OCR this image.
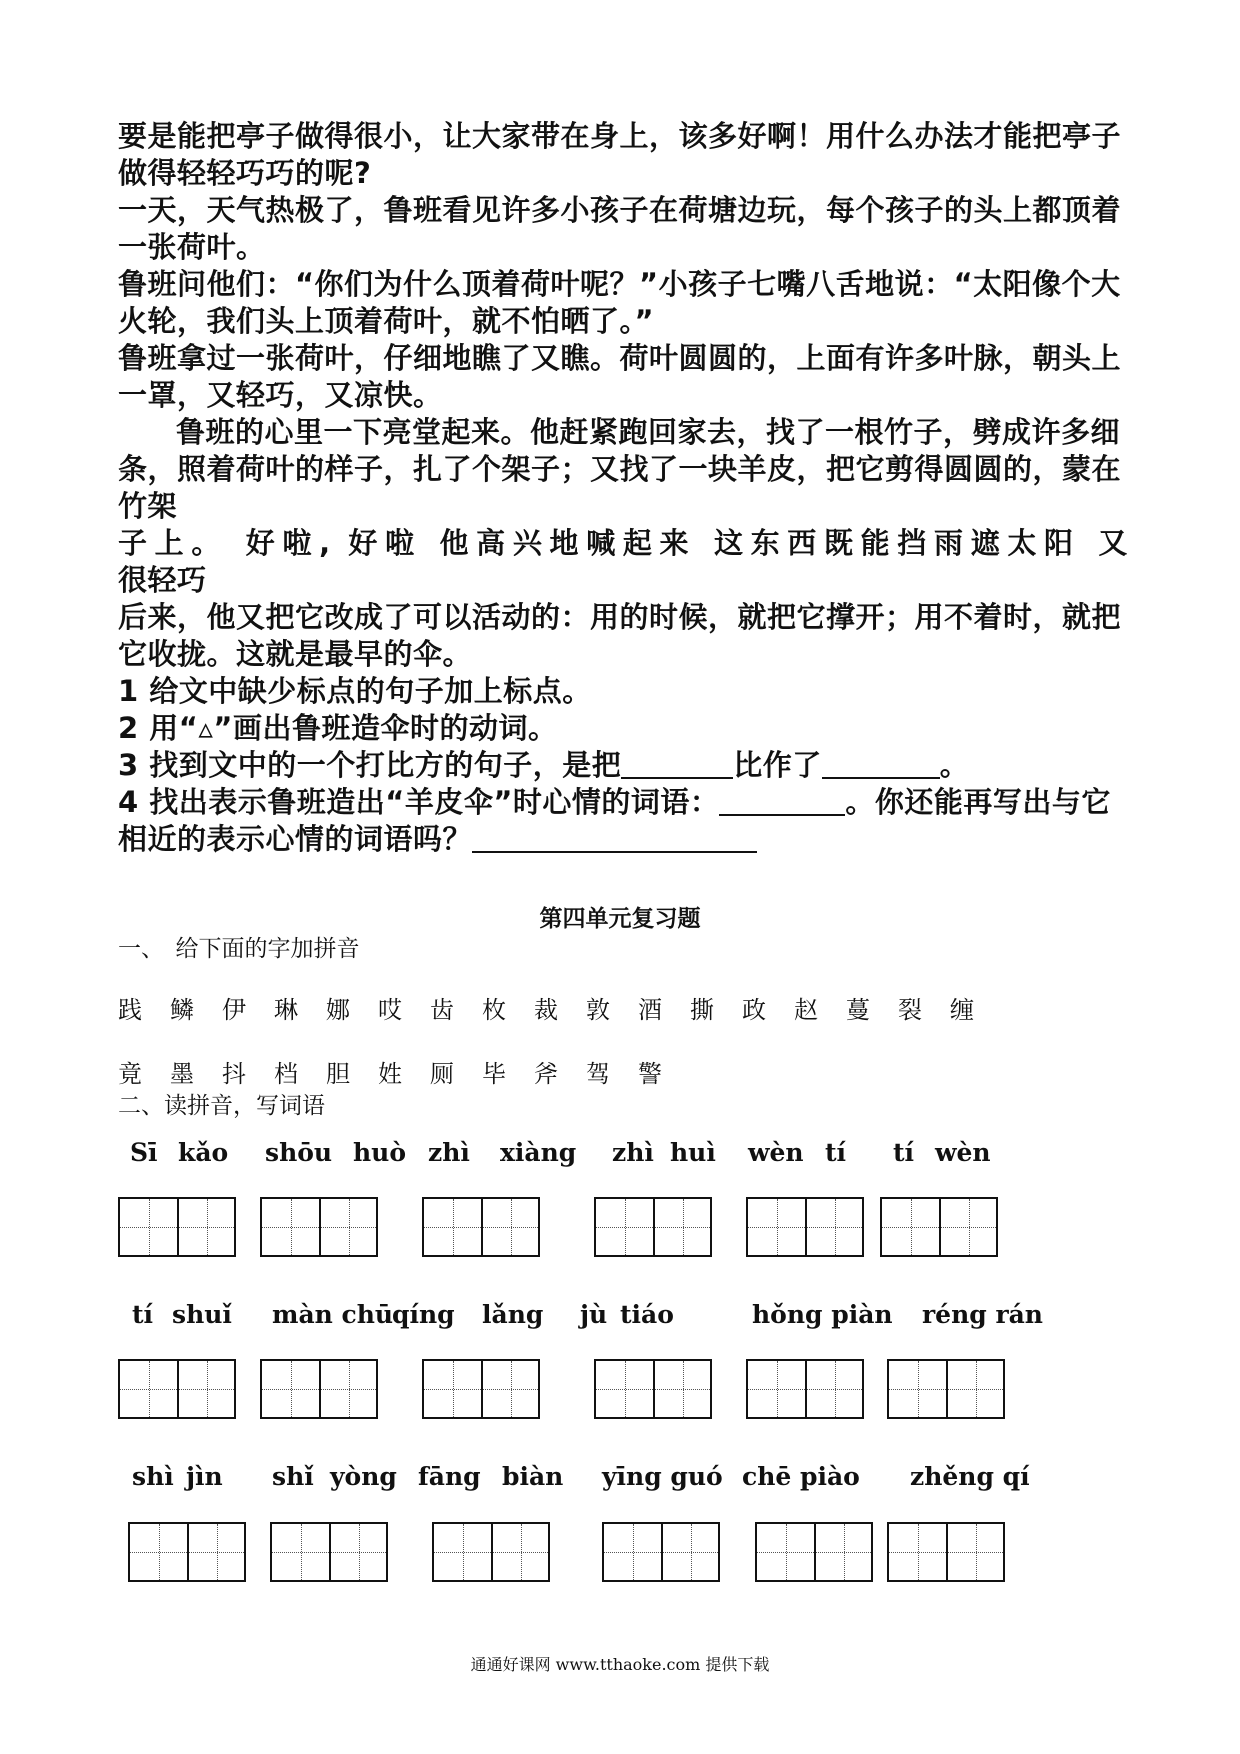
要是能把亭子做得很小，让大家带在身上，该多好啊！用什么办法才能把亭子做得轻轻巧巧的呢?

一天，天气热极了，鲁班看见许多小孩子在荷塘边玩，每个孩子的头上都顶着一张荷叶。

鲁班问他们：“你们为什么顶着荷叶呢？”小孩子七嘴八舌地说：“太阳像个大火轮，我们头上顶着荷叶，就不怕晒了。”

鲁班拿过一张荷叶，仔细地瞧了又瞧。荷叶圆圆的，上面有许多叶脉，朝头上一罩，又轻巧，又凉快。

鲁班的心里一下亮堂起来。他赶紧跑回家去，找了一根竹子，劈成许多细条，照着荷叶的样子，扎了个架子；又找了一块羊皮，把它剪得圆圆的，蒙在竹架

子上。 好啦, 好啦 他高兴地喊起来 这东西既能挡雨遮太阳 又

很轻巧

后来，他又把它改成了可以活动的：用的时候，就把它撑开；用不着时，就把它收拢。这就是最早的伞。

1 给文中缺少标点的句子加上标点。

2 用“▵”画出鲁班造伞时的动词。

3 找到文中的一个打比方的句子，是把	比作了	。

4 找出表示鲁班造出“羊皮伞”时心情的词语：	。你还能再写出与它相近的表示心情的词语吗？

第四单元复习题
一、　给下面的字加拼音
践 鳞 伊 琳 娜 哎 齿 枚 裁 敦 酒 撕 政 赵 蔓 裂 缠
竟 墨 抖 档 胆 姓 厕 毕 斧 驾 警
二、读拼音，写词语
Sī kǎo shōu huò zhì xiàng zhì huì wèn tí tí wèn
tí shuǐ màn chū
qíng lǎng jù tiáo	hǒng piàn réng rán
shì jìn shǐ yòng fāng biàn yīng guó chē piào zhěng qí
通通好课网 www.tthaoke.com 提供下载
